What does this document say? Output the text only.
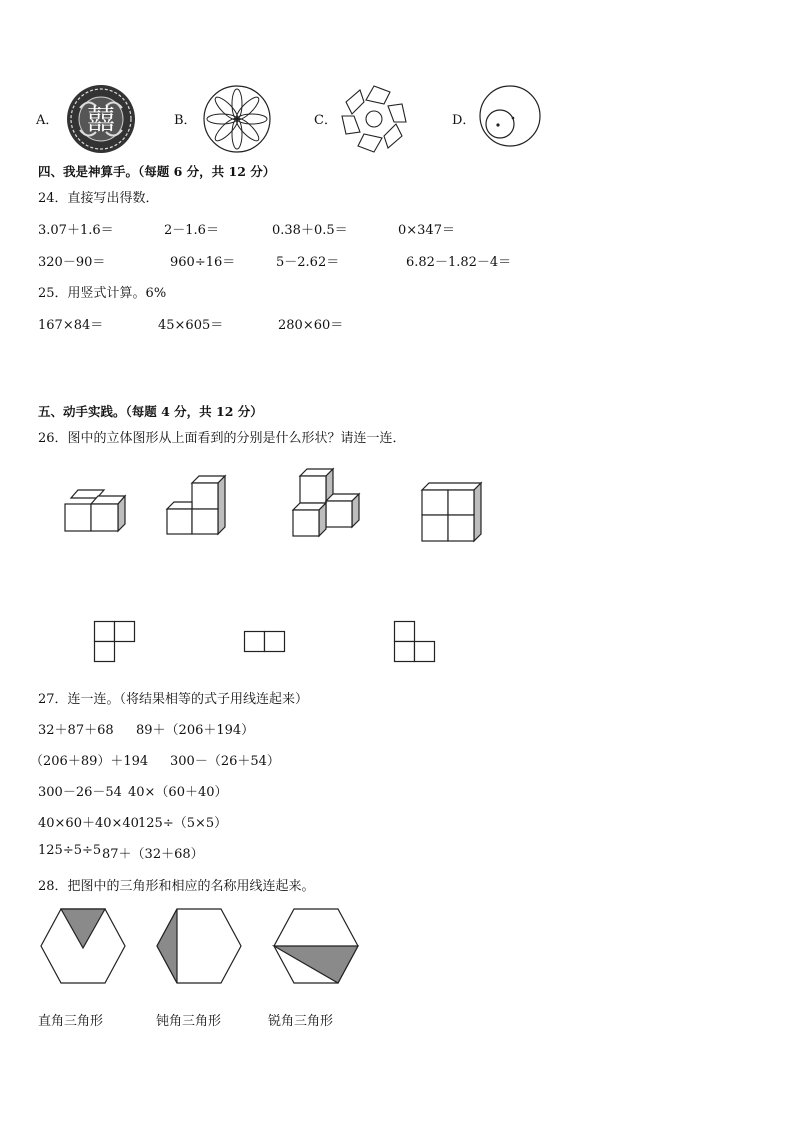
A． 囍	B．	C．	D．
四、我是神算手。（每题 6 分，共 12 分）
24．直接写出得数．
3.07＋1.6＝	2－1.6＝	0.38＋0.5＝	0×347＝
320－90＝	960÷16＝	5－2.62＝	6.82－1.82－4＝
25．用竖式计算。6%
167×84＝	45×605＝	280×60＝
五、动手实践。（每题 4 分，共 12 分）
26．图中的立体图形从上面看到的分别是什么形状？请连一连．
27．连一连。（将结果相等的式子用线连起来）
32＋87＋68 89＋（206＋194）
（206＋89）＋194 300－（26＋54）
300－26－54 40×（60＋40）
40×60＋40×40 125÷（5×5）
125÷5÷5 87＋（32＋68）
28．把图中的三角形和相应的名称用线连起来。
直角三角形	钝角三角形	锐角三角形
